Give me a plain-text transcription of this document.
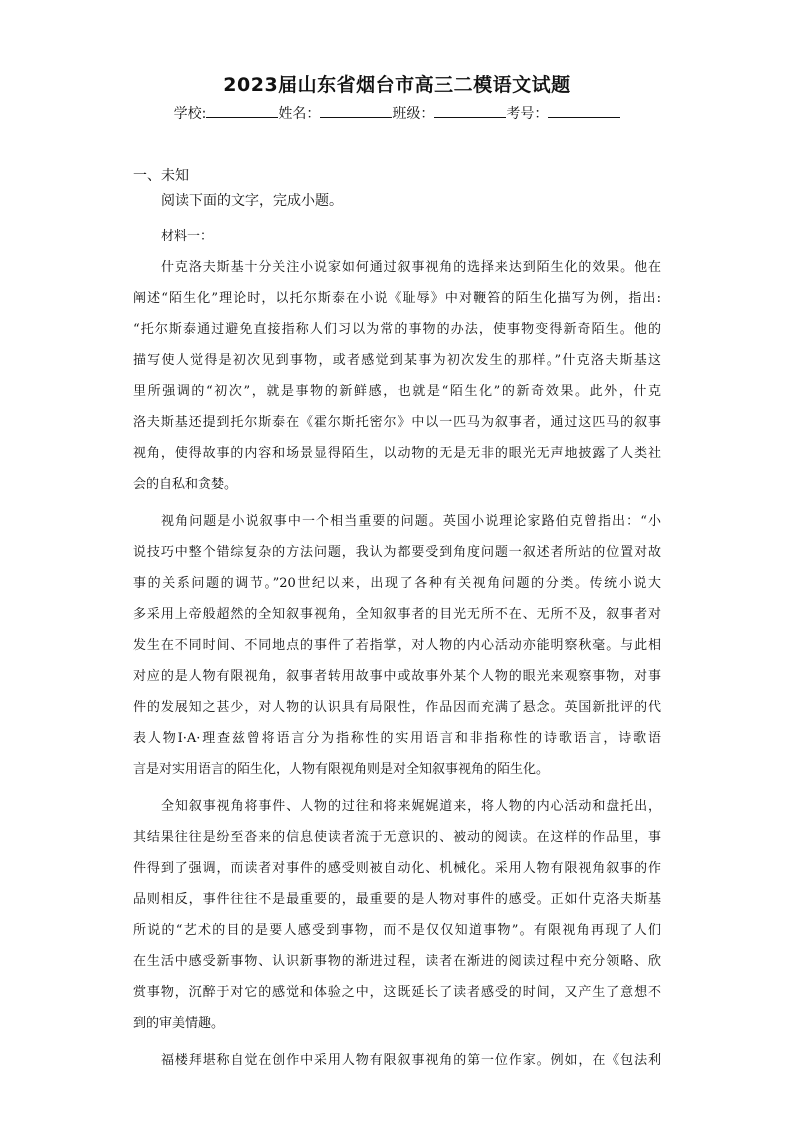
2023届山东省烟台市高三二模语文试题
学校:	姓名：	班级：	考号：
一、未知
阅读下面的文字，完成小题。
材料一：
什克洛夫斯基十分关注小说家如何通过叙事视角的选择来达到陌生化的效果。他在
阐述“陌生化”理论时，以托尔斯泰在小说《耻辱》中对鞭笞的陌生化描写为例，指出:
“托尔斯泰通过避免直接指称人们习以为常的事物的办法，使事物变得新奇陌生。他的
描写使人觉得是初次见到事物，或者感觉到某事为初次发生的那样。”什克洛夫斯基这
里所强调的“初次”，就是事物的新鲜感，也就是“陌生化”的新奇效果。此外，什克
洛夫斯基还提到托尔斯泰在《霍尔斯托密尔》中以一匹马为叙事者，通过这匹马的叙事
视角，使得故事的内容和场景显得陌生，以动物的无是无非的眼光无声地披露了人类社
会的自私和贪婪。
视角问题是小说叙事中一个相当重要的问题。英国小说理论家路伯克曾指出：“小
说技巧中整个错综复杂的方法问题，我认为都要受到角度问题一叙述者所站的位置对故
事的关系问题的调节。”20世纪以来，出现了各种有关视角问题的分类。传统小说大
多采用上帝般超然的全知叙事视角，全知叙事者的目光无所不在、无所不及，叙事者对
发生在不同时间、不同地点的事件了若指掌，对人物的内心活动亦能明察秋毫。与此相
对应的是人物有限视角，叙事者转用故事中或故事外某个人物的眼光来观察事物，对事
件的发展知之甚少，对人物的认识具有局限性，作品因而充满了悬念。英国新批评的代
表人物I·A·理查兹曾将语言分为指称性的实用语言和非指称性的诗歌语言，诗歌语
言是对实用语言的陌生化，人物有限视角则是对全知叙事视角的陌生化。
全知叙事视角将事件、人物的过往和将来娓娓道来，将人物的内心活动和盘托出，
其结果往往是纷至沓来的信息使读者流于无意识的、被动的阅读。在这样的作品里，事
件得到了强调，而读者对事件的感受则被自动化、机械化。采用人物有限视角叙事的作
品则相反，事件往往不是最重要的，最重要的是人物对事件的感受。正如什克洛夫斯基
所说的“艺术的目的是要人感受到事物，而不是仅仅知道事物”。有限视角再现了人们
在生活中感受新事物、认识新事物的渐进过程，读者在渐进的阅读过程中充分领略、欣
赏事物，沉醉于对它的感觉和体验之中，这既延长了读者感受的时间，又产生了意想不
到的审美情趣。
福楼拜堪称自觉在创作中采用人物有限叙事视角的第一位作家。例如，在《包法利
